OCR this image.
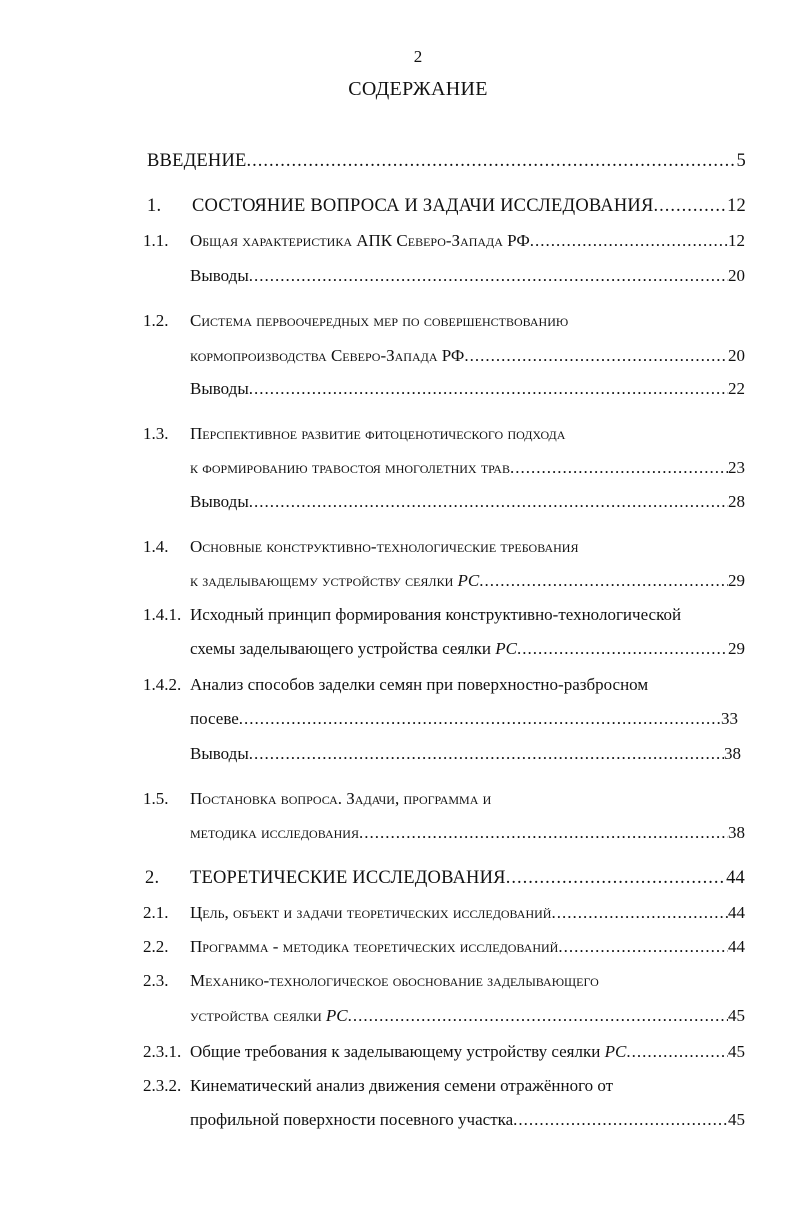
2
СОДЕРЖАНИЕ
ВВЕДЕНИЕ .....	5
1. СОСТОЯНИЕ ВОПРОСА И ЗАДАЧИ ИССЛЕДОВАНИЯ .....	12
1.1. Общая характеристика АПК Северо-Запада РФ .....	12
Выводы .....	20
1.2. Система первоочередных мер по совершенствованию
кормопроизводства Северо-Запада РФ .....	20
Выводы .....	22
1.3. Перспективное развитие фитоценотического подхода
к формированию травостоя многолетних трав .....	23
Выводы .....	28
1.4. Основные конструктивно-технологические требования
к заделывающему устройству сеялки РС .....	29
1.4.1. Исходный принцип формирования конструктивно-технологической
схемы заделывающего устройства сеялки РС .....	29
1.4.2. Анализ способов заделки семян при поверхностно-разбросном
посеве .....	33
Выводы .....	38
1.5. Постановка вопроса. Задачи, программа и
методика исследования .....	38
2. ТЕОРЕТИЧЕСКИЕ ИССЛЕДОВАНИЯ .....	44
2.1. Цель, объект и задачи теоретических исследований .....	44
2.2. Программа - методика теоретических исследований .....	44
2.3. Механико-технологическое обоснование заделывающего
устройства сеялки РС .....	45
2.3.1. Общие требования к заделывающему устройству сеялки РС .....	45
2.3.2. Кинематический анализ движения семени отражённого от
профильной поверхности посевного участка .....	45
